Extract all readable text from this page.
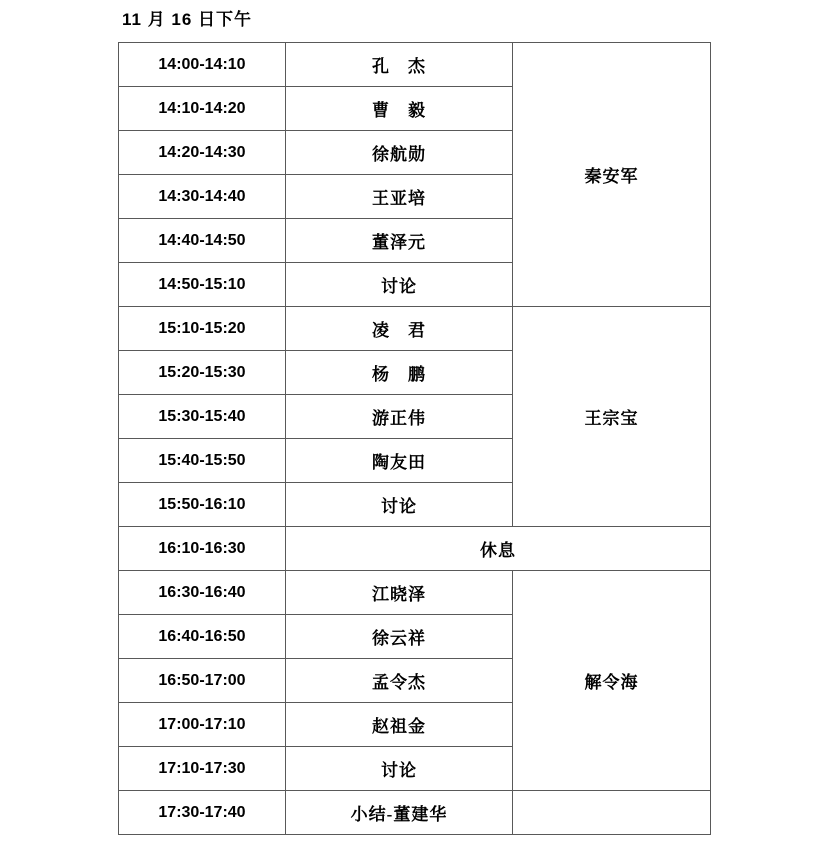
11 月 16 日下午
14:00-14:10	孔　杰	秦安军
14:10-14:20	曹　毅	
14:20-14:30	徐航勋	
14:30-14:40	王亚培	
14:40-14:50	董泽元	
14:50-15:10	讨论	
15:10-15:20	凌　君	王宗宝
15:20-15:30	杨　鹏	
15:30-15:40	游正伟	
15:40-15:50	陶友田	
15:50-16:10	讨论	
16:10-16:30	休息	
16:30-16:40	江晓泽	解令海
16:40-16:50	徐云祥	
16:50-17:00	孟令杰	
17:00-17:10	赵祖金	
17:10-17:30	讨论	
17:30-17:40	小结-董建华	
